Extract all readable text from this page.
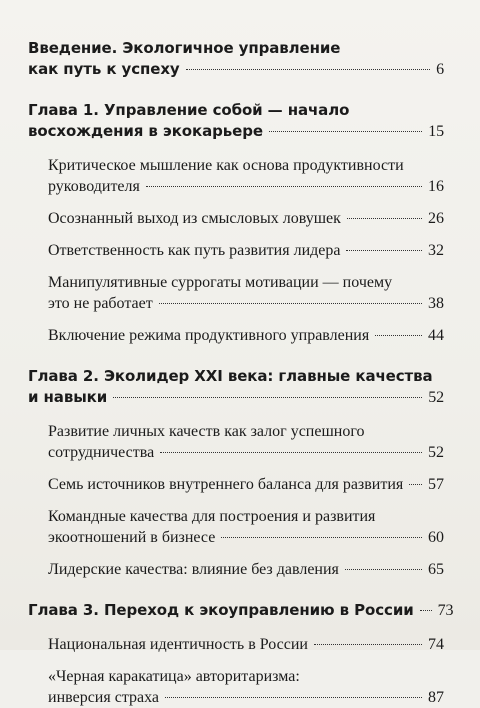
Введение. Экологичное управление
как путь к успеху	6
Глава 1. Управление собой — начало
восхождения в экокарьере	15
Критическое мышление как основа продуктивности
руководителя	16
Осознанный выход из смысловых ловушек	26
Ответственность как путь развития лидера	32
Манипулятивные суррогаты мотивации — почему
это не работает	38
Включение режима продуктивного управления	44
Глава 2. Эколидер XXI века: главные качества
и навыки	52
Развитие личных качеств как залог успешного
сотрудничества	52
Семь источников внутреннего баланса для развития 57
Командные качества для построения и развития
экоотношений в бизнесе	60
Лидерские качества: влияние без давления	65
Глава 3. Переход к экоуправлению в России 73
Национальная идентичность в России	74
«Черная каракатица» авторитаризма:
инверсия страха	87
